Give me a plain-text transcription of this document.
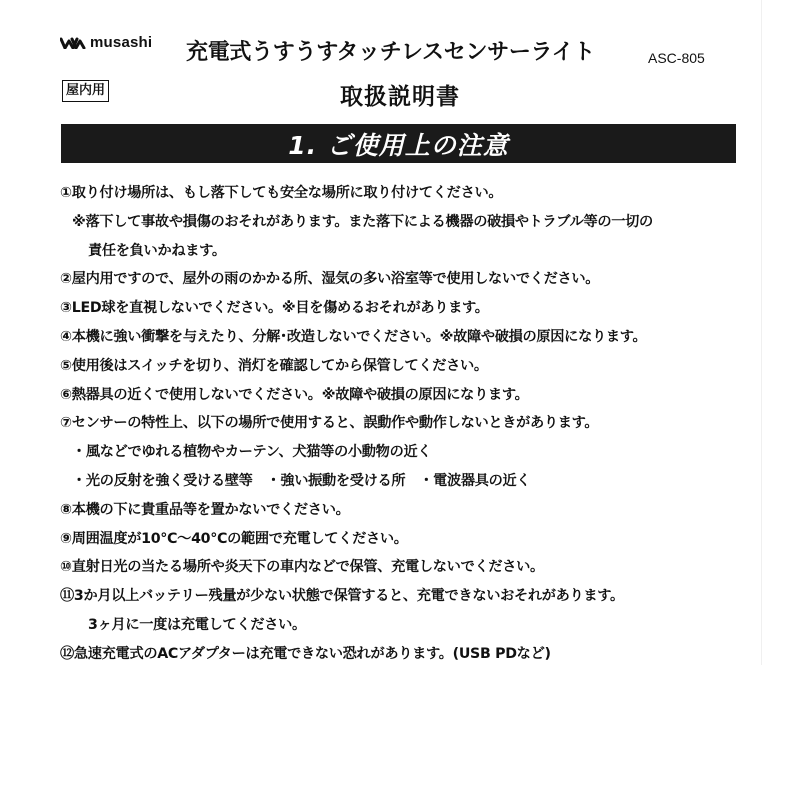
musashi 充電式うすうすタッチレスセンサーライト	ASC-805
屋内用	取扱説明書
1. ご使用上の注意
①取り付け場所は、もし落下しても安全な場所に取り付けてください。
※落下して事故や損傷のおそれがあります。また落下による機器の破損やトラブル等の一切の
責任を負いかねます。
②屋内用ですので、屋外の雨のかかる所、湿気の多い浴室等で使用しないでください。
③LED球を直視しないでください。※目を傷めるおそれがあります。
④本機に強い衝撃を与えたり、分解･改造しないでください。※故障や破損の原因になります。
⑤使用後はスイッチを切り、消灯を確認してから保管してください。
⑥熱器具の近くで使用しないでください。※故障や破損の原因になります。
⑦センサーの特性上、以下の場所で使用すると、誤動作や動作しないときがあります。
・風などでゆれる植物やカーテン、犬猫等の小動物の近く
・光の反射を強く受ける壁等　・強い振動を受ける所　・電波器具の近く
⑧本機の下に貴重品等を置かないでください。
⑨周囲温度が10℃～40℃の範囲で充電してください。
⑩直射日光の当たる場所や炎天下の車内などで保管、充電しないでください。
⑪3か月以上バッテリー残量が少ない状態で保管すると、充電できないおそれがあります。
3ヶ月に一度は充電してください。
⑫急速充電式のACアダプターは充電できない恐れがあります。(USB PDなど)
